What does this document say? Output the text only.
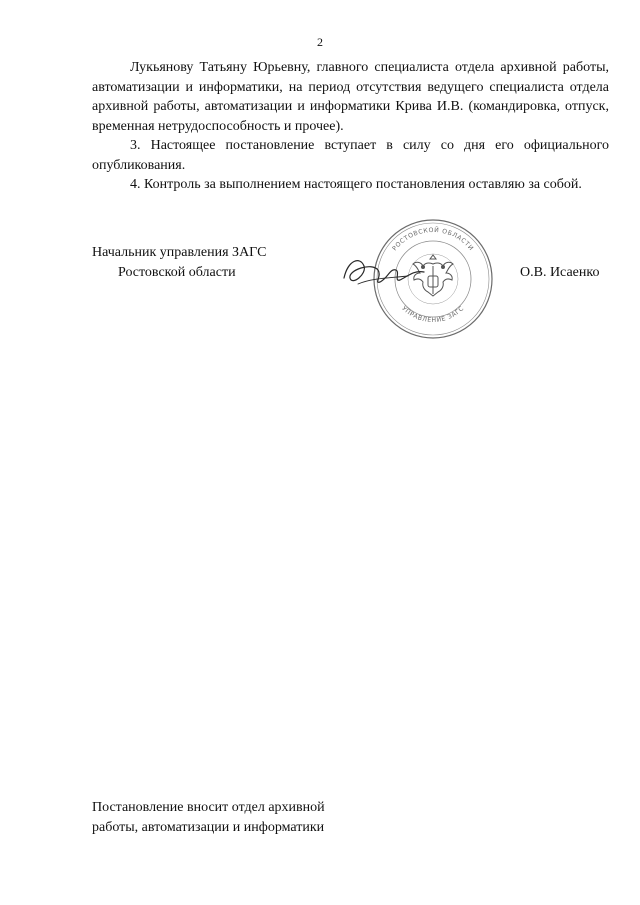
2

Лукьянову Татьяну Юрьевну, главного специалиста отдела архивной работы, автоматизации и информатики, на период отсутствия ведущего специалиста отдела архивной работы, автоматизации и информатики Крива И.В. (командировка, отпуск, временная нетрудоспособность и прочее).

3. Настоящее постановление вступает в силу со дня его официального опубликования.

4. Контроль за выполнением настоящего постановления оставляю за собой.

Начальник управления ЗАГС
Ростовской области
РОСТОВСКОЙ ОБЛАСТИ
УПРАВЛЕНИЕ ЗАГС
О.В. Исаенко
Постановление вносит отдел архивной
работы, автоматизации и информатики
